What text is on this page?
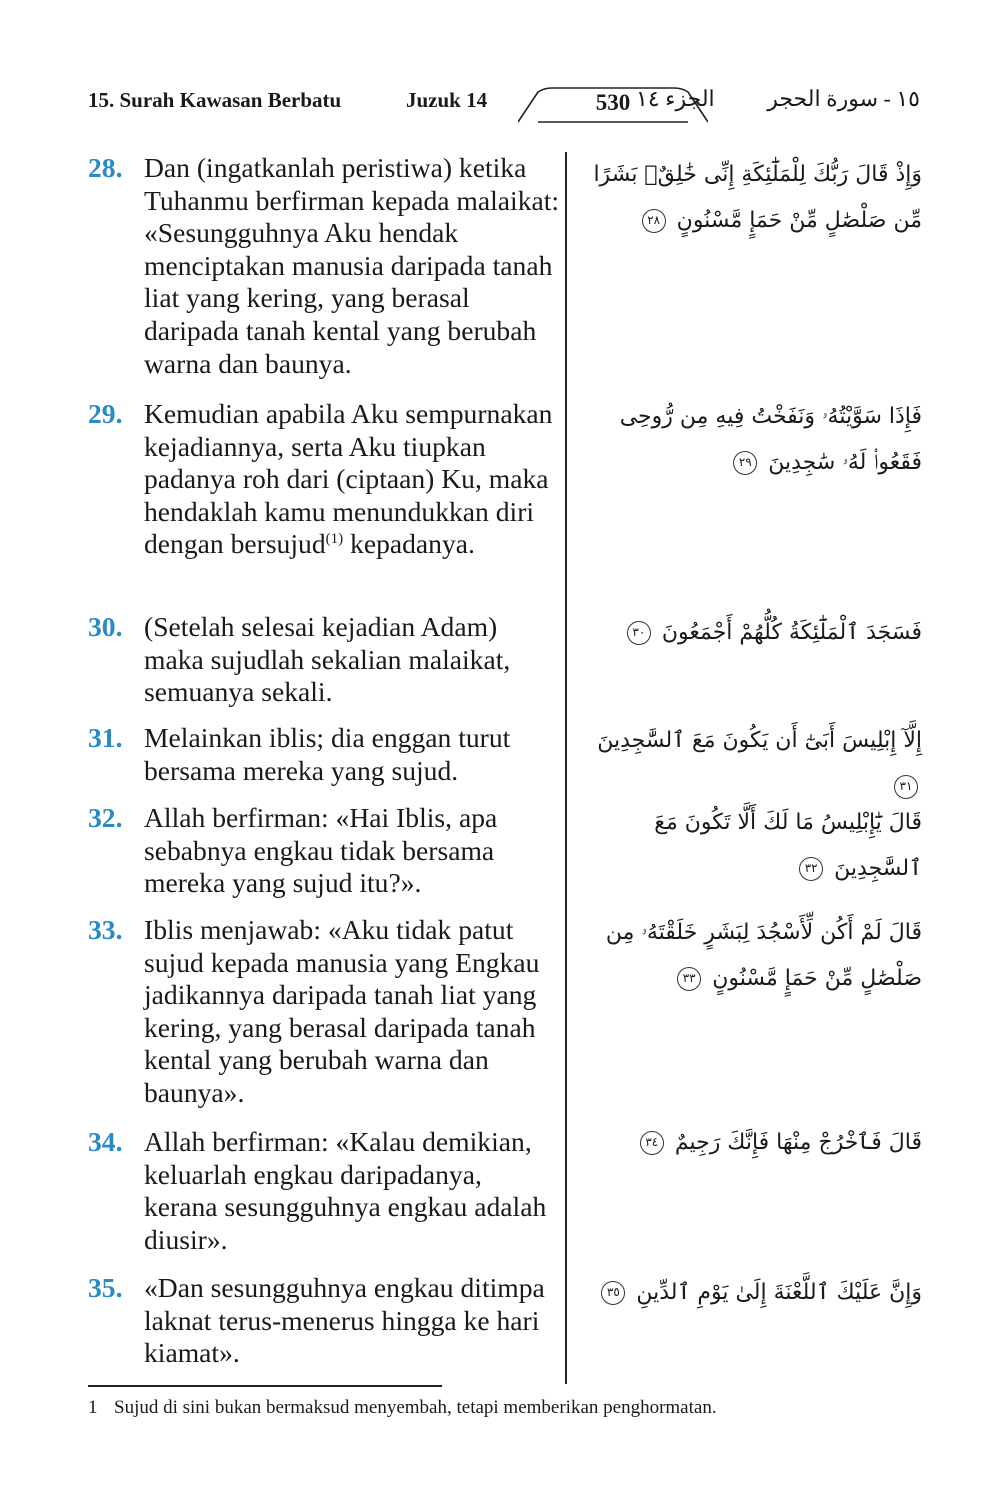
15. Surah Kawasan Berbatu	Juzuk 14	530 الجزء ١٤ ١٥ - سورة الحجر
28. Dan (ingatkanlah peristiwa) ketika Tuhanmu berfirman kepada malaikat: «Sesungguhnya Aku hendak menciptakan manusia daripada tanah liat yang kering, yang berasal daripada tanah kental yang berubah warna dan baunya.
وَإِذْ قَالَ رَبُّكَ لِلْمَلَٰٓئِكَةِ إِنِّى خَٰلِقٌۢ بَشَرًا مِّن صَلْصَٰلٍ مِّنْ حَمَإٍ مَّسْنُونٍ ٢٨
29. Kemudian apabila Aku sempurnakan kejadiannya, serta Aku tiupkan padanya roh dari (ciptaan) Ku, maka hendaklah kamu menundukkan diri dengan bersujud$^{(1)}$ kepadanya.
فَإِذَا سَوَّيْتُهُۥ وَنَفَخْتُ فِيهِ مِن رُّوحِى فَقَعُوا۟ لَهُۥ سَٰجِدِينَ ٢٩
30. (Setelah selesai kejadian Adam) maka sujudlah sekalian malaikat, semuanya sekali.
فَسَجَدَ ٱلْمَلَٰٓئِكَةُ كُلُّهُمْ أَجْمَعُونَ ٣٠
31. Melainkan iblis; dia enggan turut bersama mereka yang sujud.
إِلَّآ إِبْلِيسَ أَبَىٰٓ أَن يَكُونَ مَعَ ٱلسَّٰجِدِينَ ٣١
32. Allah berfirman: «Hai Iblis, apa sebabnya engkau tidak bersama mereka yang sujud itu?».
قَالَ يَٰٓإِبْلِيسُ مَا لَكَ أَلَّا تَكُونَ مَعَ ٱلسَّٰجِدِينَ ٣٢
33. Iblis menjawab: «Aku tidak patut sujud kepada manusia yang Engkau jadikannya daripada tanah liat yang kering, yang berasal daripada tanah kental yang berubah warna dan baunya».
قَالَ لَمْ أَكُن لِّأَسْجُدَ لِبَشَرٍ خَلَقْتَهُۥ مِن صَلْصَٰلٍ مِّنْ حَمَإٍ مَّسْنُونٍ ٣٣
34. Allah berfirman: «Kalau demikian, keluarlah engkau daripadanya, kerana sesungguhnya engkau adalah diusir».
قَالَ فَٱخْرُجْ مِنْهَا فَإِنَّكَ رَجِيمٌ ٣٤
35. «Dan sesungguhnya engkau ditimpa laknat terus-menerus hingga ke hari kiamat».
وَإِنَّ عَلَيْكَ ٱللَّعْنَةَ إِلَىٰ يَوْمِ ٱلدِّينِ ٣٥
1 Sujud di sini bukan bermaksud menyembah, tetapi memberikan penghormatan.
